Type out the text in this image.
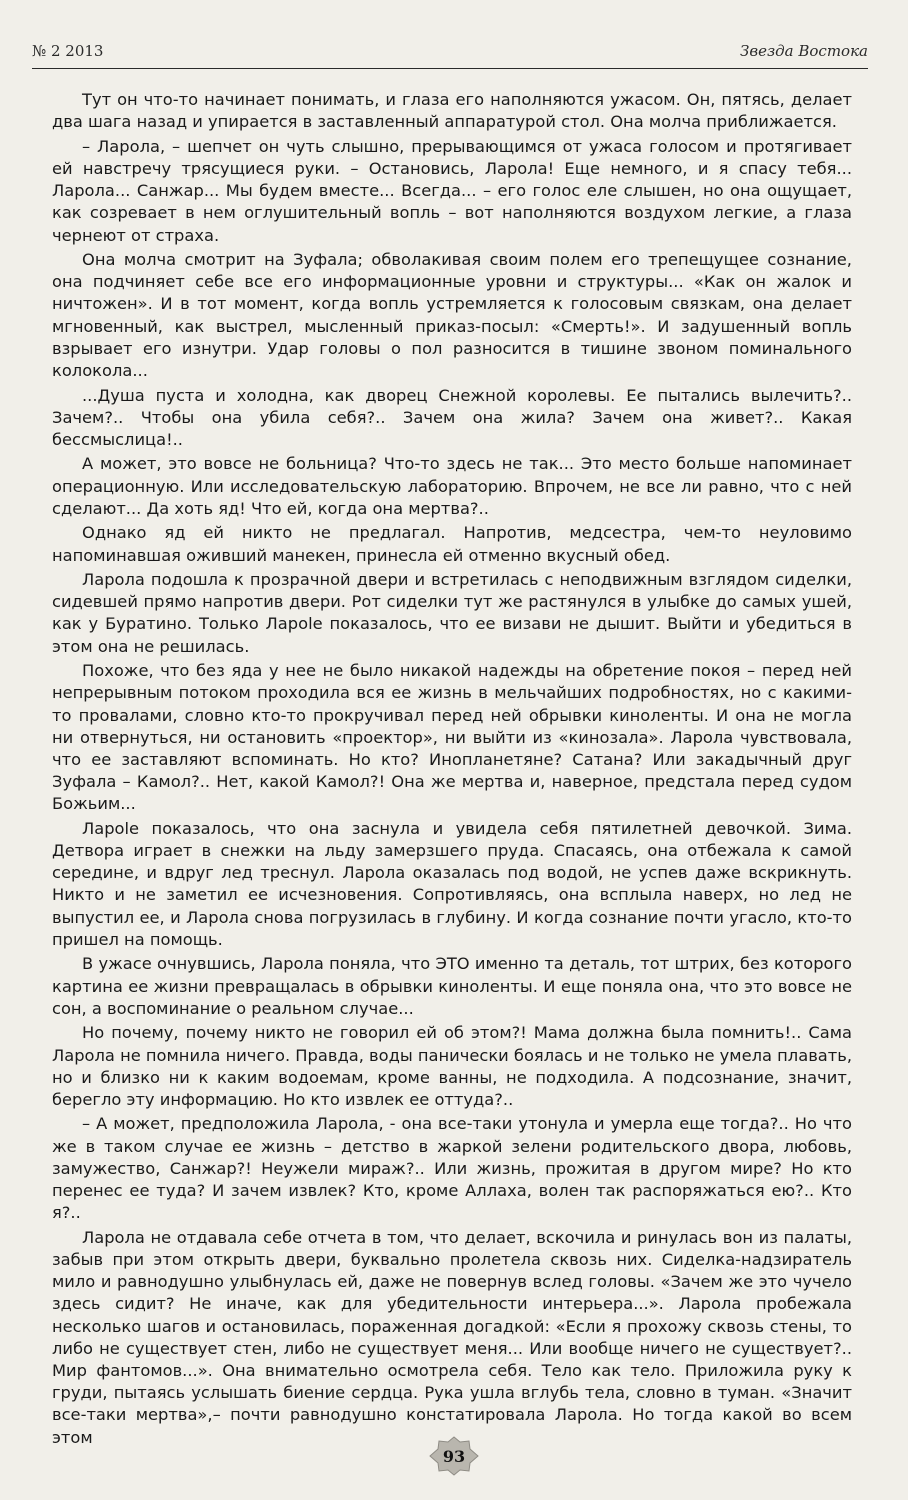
№ 2 2013	Звезда Востока

Тут он что-то начинает понимать, и глаза его наполняются ужасом. Он, пятясь, делает два шага назад и упирается в заставленный аппаратурой стол. Она молча приближается.

– Ларола, – шепчет он чуть слышно, прерывающимся от ужаса голосом и протягивает ей навстречу трясущиеся руки. – Остановись, Ларола! Еще немного, и я спасу тебя... Ларола... Санжар... Мы будем вместе... Всегда... – его голос еле слышен, но она ощущает, как созревает в нем оглушительный вопль – вот наполняются воздухом легкие, а глаза чернеют от страха.

Она молча смотрит на Зуфала; обволакивая своим полем его трепещущее сознание, она подчиняет себе все его информационные уровни и структуры... «Как он жалок и ничтожен». И в тот момент, когда вопль устремляется к голосовым связкам, она делает мгновенный, как выстрел, мысленный приказ-посыл: «Смерть!». И задушенный вопль взрывает его изнутри. Удар головы о пол разносится в тишине звоном поминального колокола...

...Душа пуста и холодна, как дворец Снежной королевы. Ее пытались вылечить?.. Зачем?.. Чтобы она убила себя?.. Зачем она жила? Зачем она живет?.. Какая бессмыслица!..

А может, это вовсе не больница? Что-то здесь не так... Это место больше напоминает операционную. Или исследовательскую лабораторию. Впрочем, не все ли равно, что с ней сделают... Да хоть яд! Что ей, когда она мертва?..

Однако яд ей никто не предлагал. Напротив, медсестра, чем-то неуловимо напоминавшая оживший манекен, принесла ей отменно вкусный обед.

Ларола подошла к прозрачной двери и встретилась с неподвижным взглядом сиделки, сидевшей прямо напротив двери. Рот сиделки тут же растянулся в улыбке до самых ушей, как у Буратино. Только Ларole показалось, что ее визави не дышит. Выйти и убедиться в этом она не решилась.

Похоже, что без яда у нее не было никакой надежды на обретение покоя – перед ней непрерывным потоком проходила вся ее жизнь в мельчайших подробностях, но с какими-то провалами, словно кто-то прокручивал перед ней обрывки киноленты. И она не могла ни отвернуться, ни остановить «проектор», ни выйти из «кинозала». Ларола чувствовала, что ее заставляют вспоминать. Но кто? Инопланетяне? Сатана? Или закадычный друг Зуфала – Камол?.. Нет, какой Камол?! Она же мертва и, наверное, предстала перед судом Божьим...

Ларole показалось, что она заснула и увидела себя пятилетней девочкой. Зима. Детвора играет в снежки на льду замерзшего пруда. Спасаясь, она отбежала к самой середине, и вдруг лед треснул. Ларола оказалась под водой, не успев даже вскрикнуть. Никто и не заметил ее исчезновения. Сопротивляясь, она всплыла наверх, но лед не выпустил ее, и Ларола снова погрузилась в глубину. И когда сознание почти угасло, кто-то пришел на помощь.

В ужасе очнувшись, Ларола поняла, что ЭТО именно та деталь, тот штрих, без которого картина ее жизни превращалась в обрывки киноленты. И еще поняла она, что это вовсе не сон, а воспоминание о реальном случае...

Но почему, почему никто не говорил ей об этом?! Мама должна была помнить!.. Сама Ларола не помнила ничего. Правда, воды панически боялась и не только не умела плавать, но и близко ни к каким водоемам, кроме ванны, не подходила. А подсознание, значит, берегло эту информацию. Но кто извлек ее оттуда?..

– А может, предположила Ларола, - она все-таки утонула и умерла еще тогда?.. Но что же в таком случае ее жизнь – детство в жаркой зелени родительского двора, любовь, замужество, Санжар?! Неужели мираж?.. Или жизнь, прожитая в другом мире? Но кто перенес ее туда? И зачем извлек? Кто, кроме Аллаха, волен так распоряжаться ею?.. Кто я?..

Ларола не отдавала себе отчета в том, что делает, вскочила и ринулась вон из палаты, забыв при этом открыть двери, буквально пролетела сквозь них. Сиделка-надзиратель мило и равнодушно улыбнулась ей, даже не повернув вслед головы. «Зачем же это чучело здесь сидит? Не иначе, как для убедительности интерьера...». Ларола пробежала несколько шагов и остановилась, пораженная догадкой: «Если я прохожу сквозь стены, то либо не существует стен, либо не существует меня... Или вообще ничего не существует?.. Мир фантомов...». Она внимательно осмотрела себя. Тело как тело. Приложила руку к груди, пытаясь услышать биение сердца. Рука ушла вглубь тела, словно в туман. «Значит все-таки мертва»,– почти равнодушно констатировала Ларола. Но тогда какой во всем этом

93
